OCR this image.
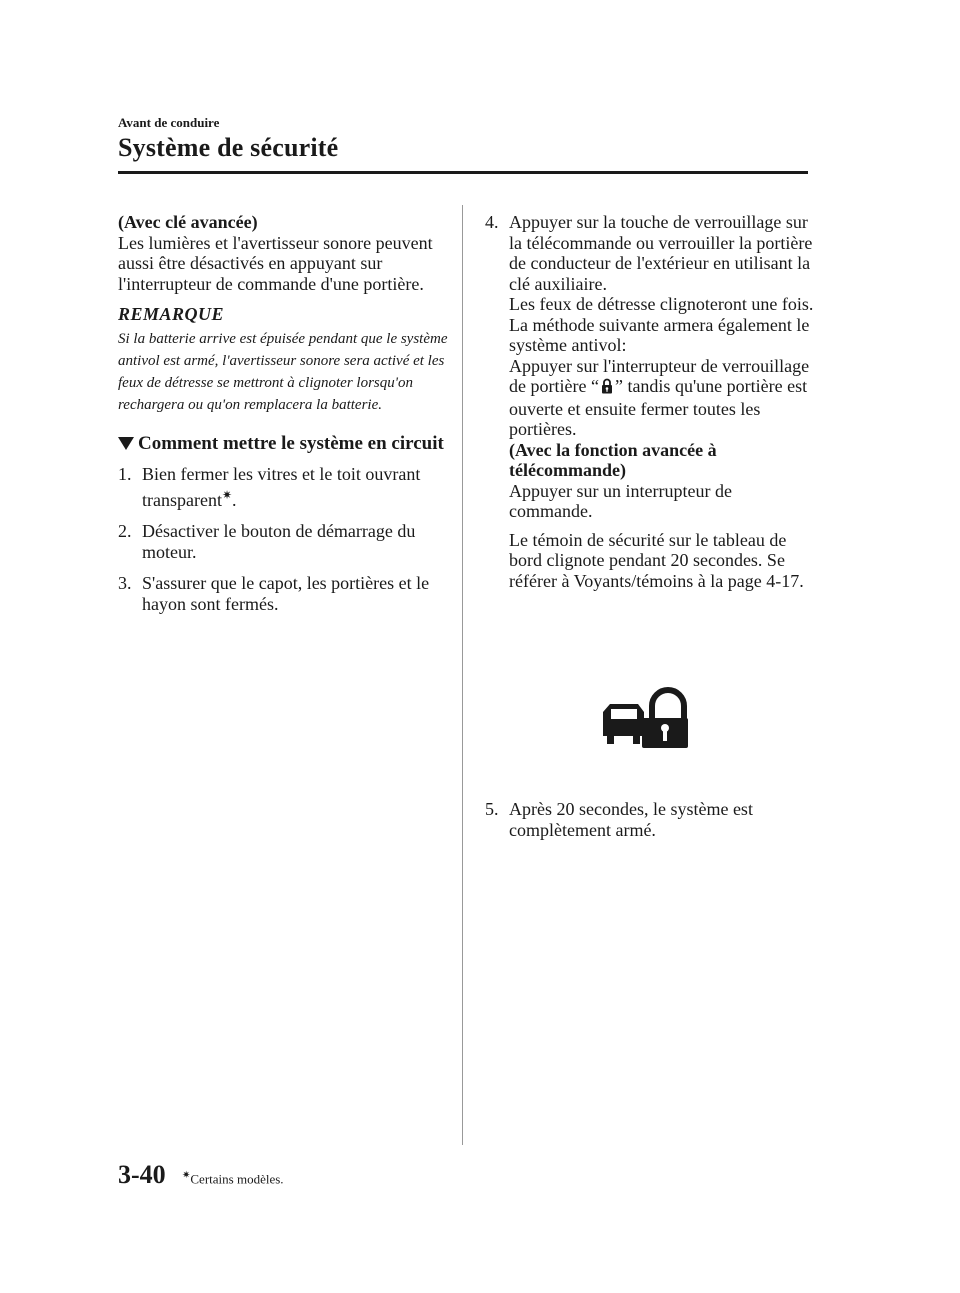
Avant de conduire
Système de sécurité

(Avec clé avancée)

Les lumières et l'avertisseur sonore peuvent aussi être désactivés en appuyant sur l'interrupteur de commande d'une portière.

REMARQUE
Si la batterie arrive est épuisée pendant que le système antivol est armé, l'avertisseur sonore sera activé et les feux de détresse se mettront à clignoter lorsqu'on rechargera ou qu'on remplacera la batterie.
Comment mettre le système en circuit
1. Bien fermer les vitres et le toit ouvrant transparent✷.
2. Désactiver le bouton de démarrage du moteur.
3. S'assurer que le capot, les portières et le hayon sont fermés.
4. Appuyer sur la touche de verrouillage sur la télécommande ou verrouiller la portière de conducteur de l'extérieur en utilisant la clé auxiliaire.

Les feux de détresse clignoteront une fois.

La méthode suivante armera également le système antivol:

Appuyer sur l'interrupteur de verrouillage de portière “ ” tandis qu'une portière est ouverte et ensuite fermer toutes les portières.

(Avec la fonction avancée à télécommande)

Appuyer sur un interrupteur de commande.

Le témoin de sécurité sur le tableau de bord clignote pendant 20 secondes. Se référer à Voyants/témoins à la page 4-17.

5. Après 20 secondes, le système est complètement armé.
3-40 ✷Certains modèles.
